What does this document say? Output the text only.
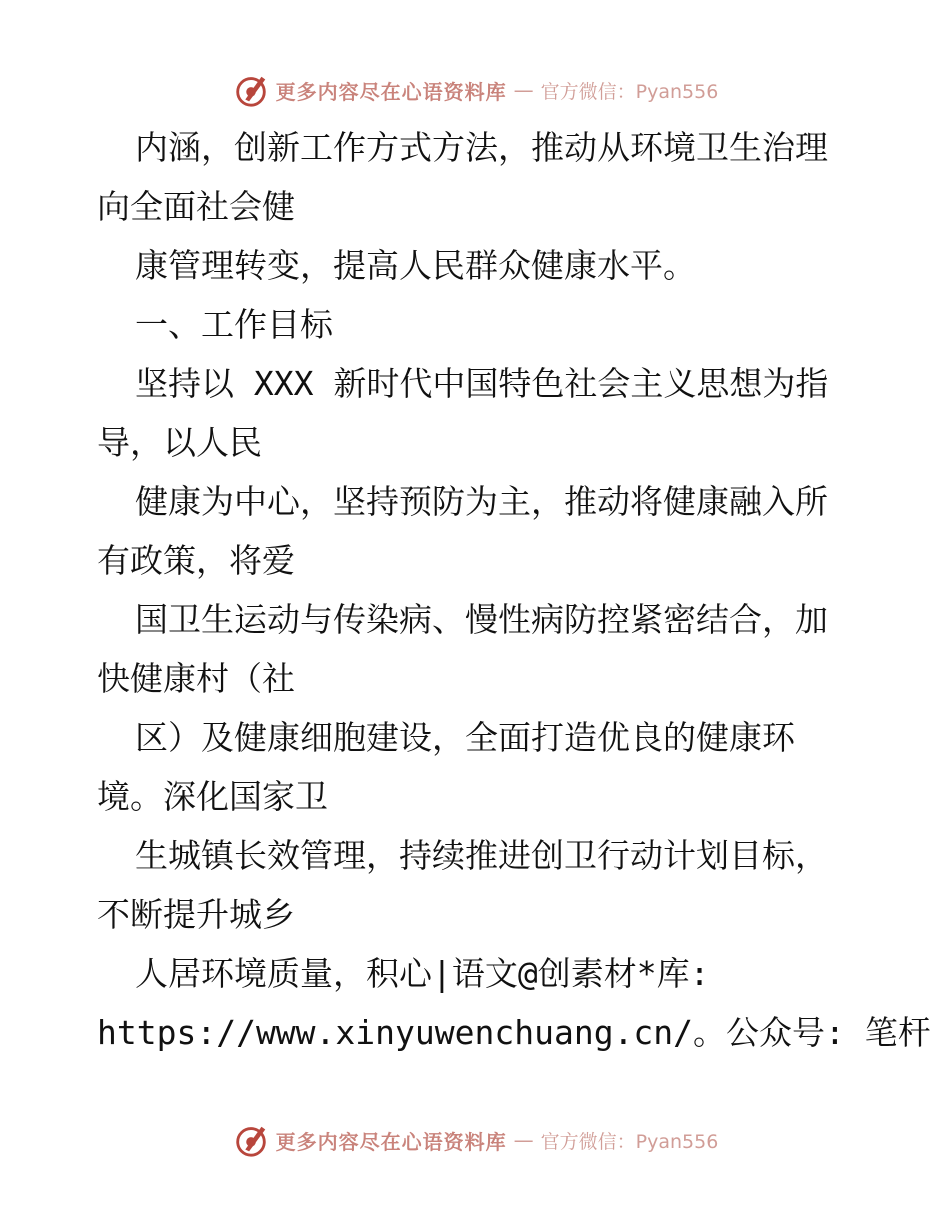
更多内容尽在心语资料库 — 官方微信：Pyan556
内涵，创新工作方式方法，推动从环境卫生治理
向全面社会健
康管理转变，提高人民群众健康水平。
一、工作目标
坚持以 XXX 新时代中国特色社会主义思想为指
导，以人民
健康为中心，坚持预防为主，推动将健康融入所
有政策，将爱
国卫生运动与传染病、慢性病防控紧密结合，加
快健康村（社
区）及健康细胞建设，全面打造优良的健康环
境。深化国家卫
生城镇长效管理，持续推进创卫行动计划目标，
不断提升城乡
人居环境质量，积心|语文@创素材*库:
https://www.xinyuwenchuang.cn/。公众号: 笔杆
更多内容尽在心语资料库 — 官方微信：Pyan556
